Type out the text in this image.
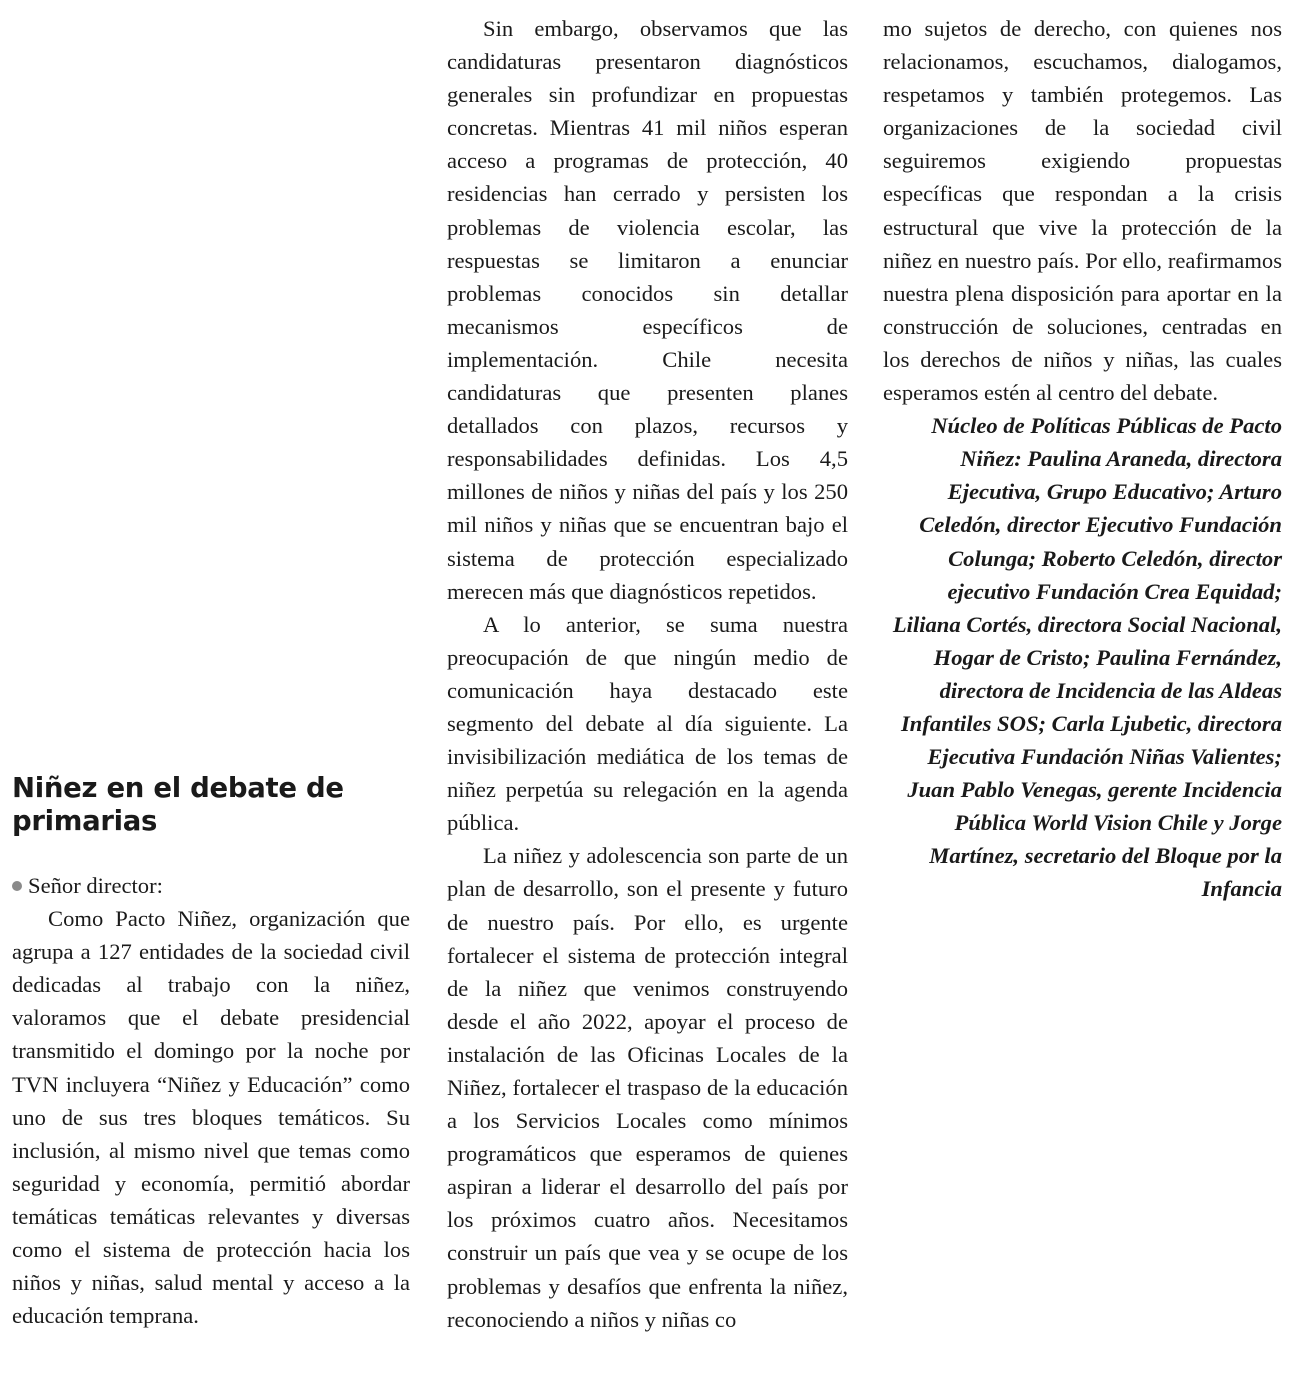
Niñez en el debate de primarias

Señor director:

Como Pacto Niñez, organización que agrupa a 127 entidades de la sociedad civil dedicadas al trabajo con la niñez, valoramos que el debate presidencial transmitido el domingo por la noche por TVN incluyera “Niñez y Educación” como uno de sus tres bloques temáticos. Su inclusión, al mismo nivel que temas como seguridad y economía, permitió abordar temáticas temáticas relevantes y diversas como el sistema de protección hacia los niños y niñas, salud mental y acceso a la educación temprana.

Sin embargo, observamos que las candidaturas presentaron diagnósticos generales sin profundizar en propuestas concretas. Mientras 41 mil niños esperan acceso a programas de protección, 40 residencias han cerrado y persisten los problemas de violencia escolar, las respuestas se limitaron a enunciar problemas conocidos sin detallar mecanismos específicos de implementación. Chile necesita candidaturas que presenten planes detallados con plazos, recursos y responsabilidades definidas. Los 4,5 millones de niños y niñas del país y los 250 mil niños y niñas que se encuentran bajo el sistema de protección especializado merecen más que diagnósticos repetidos.

A lo anterior, se suma nuestra preocupación de que ningún medio de comunicación haya destacado este segmento del debate al día siguiente. La invisibilización mediática de los temas de niñez perpetúa su relegación en la agenda pública.

La niñez y adolescencia son parte de un plan de desarrollo, son el presente y futuro de nuestro país. Por ello, es urgente fortalecer el sistema de protección integral de la niñez que venimos construyendo desde el año 2022, apoyar el proceso de instalación de las Oficinas Locales de la Niñez, fortalecer el traspaso de la educación a los Servicios Locales como mínimos programáticos que esperamos de quienes aspiran a liderar el desarrollo del país por los próximos cuatro años. Necesitamos construir un país que vea y se ocupe de los problemas y desafíos que enfrenta la niñez, reconociendo a niños y niñas co

mo sujetos de derecho, con quienes nos relacionamos, escuchamos, dialogamos, respetamos y también protegemos. Las organizaciones de la sociedad civil seguiremos exigiendo propuestas específicas que respondan a la crisis estructural que vive la protección de la niñez en nuestro país. Por ello, reafirmamos nuestra plena disposición para aportar en la construcción de soluciones, centradas en los derechos de niños y niñas, las cuales esperamos estén al centro del debate.

Núcleo de Políticas Públicas de Pacto Niñez: Paulina Araneda, directora Ejecutiva, Grupo Educativo; Arturo Celedón, director Ejecutivo Fundación Colunga; Roberto Celedón, director ejecutivo Fundación Crea Equidad; Liliana Cortés, directora Social Nacional, Hogar de Cristo; Paulina Fernández, directora de Incidencia de las Aldeas Infantiles SOS; Carla Ljubetic, directora Ejecutiva Fundación Niñas Valientes; Juan Pablo Venegas, gerente Incidencia Pública World Vision Chile y Jorge Martínez, secretario del Bloque por la Infancia
